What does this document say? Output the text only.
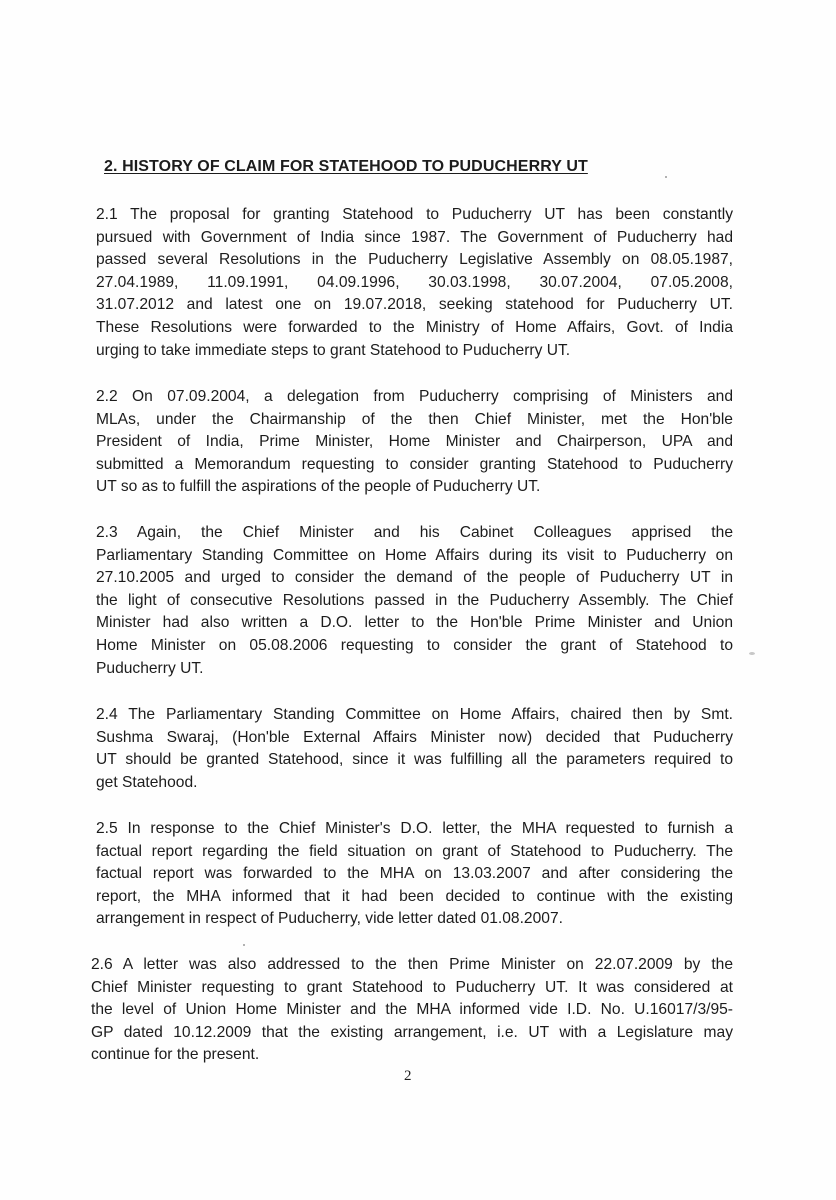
2. HISTORY OF CLAIM FOR STATEHOOD TO PUDUCHERRY UT
2.1 The proposal for granting Statehood to Puducherry UT has been constantly
pursued with Government of India since 1987. The Government of Puducherry had
passed several Resolutions in the Puducherry Legislative Assembly on 08.05.1987,
27.04.1989, 11.09.1991, 04.09.1996, 30.03.1998, 30.07.2004, 07.05.2008,
31.07.2012 and latest one on 19.07.2018, seeking statehood for Puducherry UT.
These Resolutions were forwarded to the Ministry of Home Affairs, Govt. of India
urging to take immediate steps to grant Statehood to Puducherry UT.
2.2 On 07.09.2004, a delegation from Puducherry comprising of Ministers and
MLAs, under the Chairmanship of the then Chief Minister, met the Hon'ble
President of India, Prime Minister, Home Minister and Chairperson, UPA and
submitted a Memorandum requesting to consider granting Statehood to Puducherry
UT so as to fulfill the aspirations of the people of Puducherry UT.
2.3 Again, the Chief Minister and his Cabinet Colleagues apprised the
Parliamentary Standing Committee on Home Affairs during its visit to Puducherry on
27.10.2005 and urged to consider the demand of the people of Puducherry UT in
the light of consecutive Resolutions passed in the Puducherry Assembly. The Chief
Minister had also written a D.O. letter to the Hon'ble Prime Minister and Union
Home Minister on 05.08.2006 requesting to consider the grant of Statehood to
Puducherry UT.
2.4 The Parliamentary Standing Committee on Home Affairs, chaired then by Smt.
Sushma Swaraj, (Hon'ble External Affairs Minister now) decided that Puducherry
UT should be granted Statehood, since it was fulfilling all the parameters required to
get Statehood.
2.5 In response to the Chief Minister's D.O. letter, the MHA requested to furnish a
factual report regarding the field situation on grant of Statehood to Puducherry. The
factual report was forwarded to the MHA on 13.03.2007 and after considering the
report, the MHA informed that it had been decided to continue with the existing
arrangement in respect of Puducherry, vide letter dated 01.08.2007.
2.6 A letter was also addressed to the then Prime Minister on 22.07.2009 by the
Chief Minister requesting to grant Statehood to Puducherry UT. It was considered at
the level of Union Home Minister and the MHA informed vide I.D. No. U.16017/3/95-
GP dated 10.12.2009 that the existing arrangement, i.e. UT with a Legislature may
continue for the present.
2
